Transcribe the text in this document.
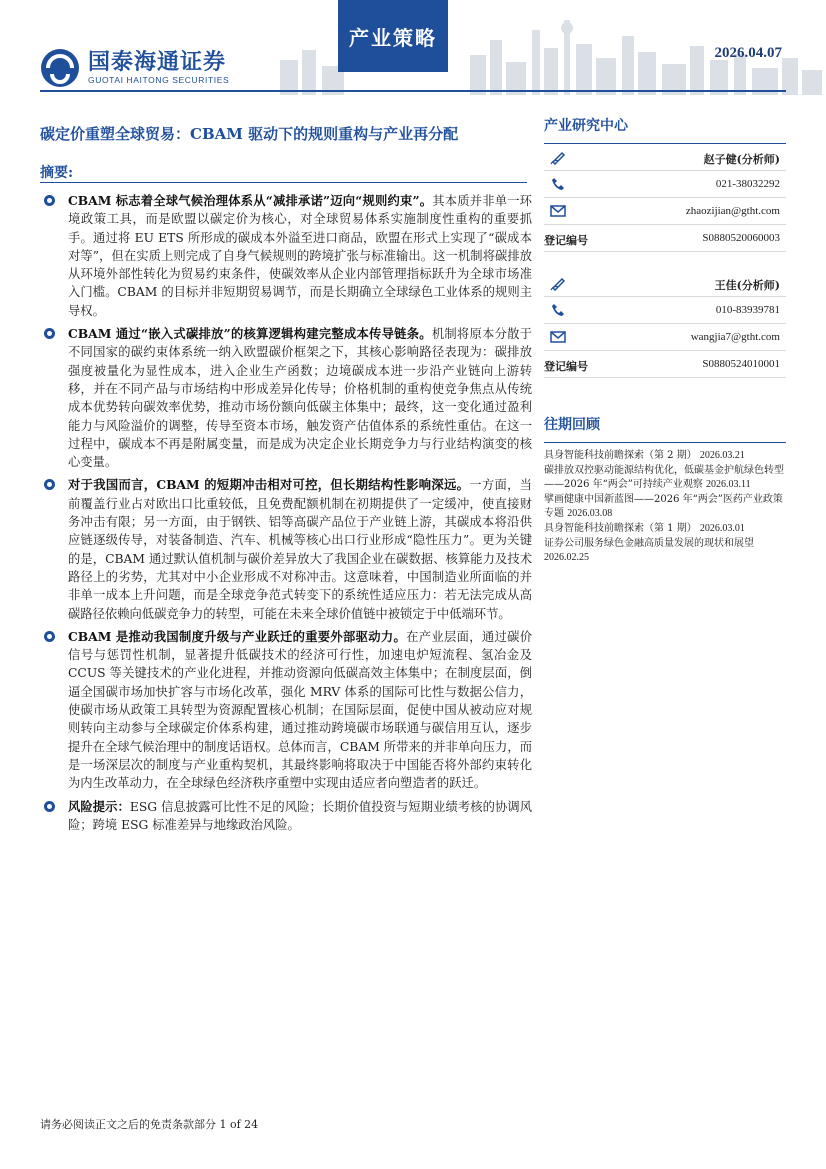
国泰海通证券
GUOTAI HAITONG SECURITIES
产业策略
2026.04.07
碳定价重塑全球贸易：CBAM 驱动下的规则重构与产业再分配
摘要:
CBAM 标志着全球气候治理体系从“减排承诺”迈向“规则约束”。其本质并非单一环境政策工具，而是欧盟以碳定价为核心，对全球贸易体系实施制度性重构的重要抓手。通过将 EU ETS 所形成的碳成本外溢至进口商品，欧盟在形式上实现了“碳成本对等”，但在实质上则完成了自身气候规则的跨境扩张与标准输出。这一机制将碳排放从环境外部性转化为贸易约束条件，使碳效率从企业内部管理指标跃升为全球市场准入门槛。CBAM 的目标并非短期贸易调节，而是长期确立全球绿色工业体系的规则主导权。
CBAM 通过“嵌入式碳排放”的核算逻辑构建完整成本传导链条。机制将原本分散于不同国家的碳约束体系统一纳入欧盟碳价框架之下，其核心影响路径表现为：碳排放强度被量化为显性成本，进入企业生产函数；边境碳成本进一步沿产业链向上游转移，并在不同产品与市场结构中形成差异化传导；价格机制的重构使竞争焦点从传统成本优势转向碳效率优势，推动市场份额向低碳主体集中；最终，这一变化通过盈利能力与风险溢价的调整，传导至资本市场，触发资产估值体系的系统性重估。在这一过程中，碳成本不再是附属变量，而是成为决定企业长期竞争力与行业结构演变的核心变量。
对于我国而言，CBAM 的短期冲击相对可控，但长期结构性影响深远。一方面，当前覆盖行业占对欧出口比重较低，且免费配额机制在初期提供了一定缓冲，使直接财务冲击有限；另一方面，由于钢铁、铝等高碳产品位于产业链上游，其碳成本将沿供应链逐级传导，对装备制造、汽车、机械等核心出口行业形成“隐性压力”。更为关键的是，CBAM 通过默认值机制与碳价差异放大了我国企业在碳数据、核算能力及技术路径上的劣势，尤其对中小企业形成不对称冲击。这意味着，中国制造业所面临的并非单一成本上升问题，而是全球竞争范式转变下的系统性适应压力：若无法完成从高碳路径依赖向低碳竞争力的转型，可能在未来全球价值链中被锁定于中低端环节。
CBAM 是推动我国制度升级与产业跃迁的重要外部驱动力。在产业层面，通过碳价信号与惩罚性机制，显著提升低碳技术的经济可行性，加速电炉短流程、氢冶金及 CCUS 等关键技术的产业化进程，并推动资源向低碳高效主体集中；在制度层面，倒逼全国碳市场加快扩容与市场化改革，强化 MRV 体系的国际可比性与数据公信力，使碳市场从政策工具转型为资源配置核心机制；在国际层面，促使中国从被动应对规则转向主动参与全球碳定价体系构建，通过推动跨境碳市场联通与碳信用互认，逐步提升在全球气候治理中的制度话语权。总体而言，CBAM 所带来的并非单向压力，而是一场深层次的制度与产业重构契机，其最终影响将取决于中国能否将外部约束转化为内生改革动力，在全球绿色经济秩序重塑中实现由适应者向塑造者的跃迁。
风险提示：ESG 信息披露可比性不足的风险；长期价值投资与短期业绩考核的协调风险；跨境 ESG 标准差异与地缘政治风险。
产业研究中心
赵子健(分析师)
021-38032292
zhaozijian@gtht.com
登记编号	S0880520060003
王佳(分析师)
010-83939781
wangjia7@gtht.com
登记编号	S0880524010001
往期回顾
具身智能科技前瞻探索（第 2 期） 2026.03.21
碳排放双控驱动能源结构优化，低碳基金护航绿色转型——2026 年“两会”可持续产业观察 2026.03.11
擘画健康中国新蓝图——2026 年“两会”医药产业政策专题 2026.03.08
具身智能科技前瞻探索（第 1 期） 2026.03.01
证券公司服务绿色金融高质量发展的现状和展望 2026.02.25
请务必阅读正文之后的免责条款部分 1 of 24
